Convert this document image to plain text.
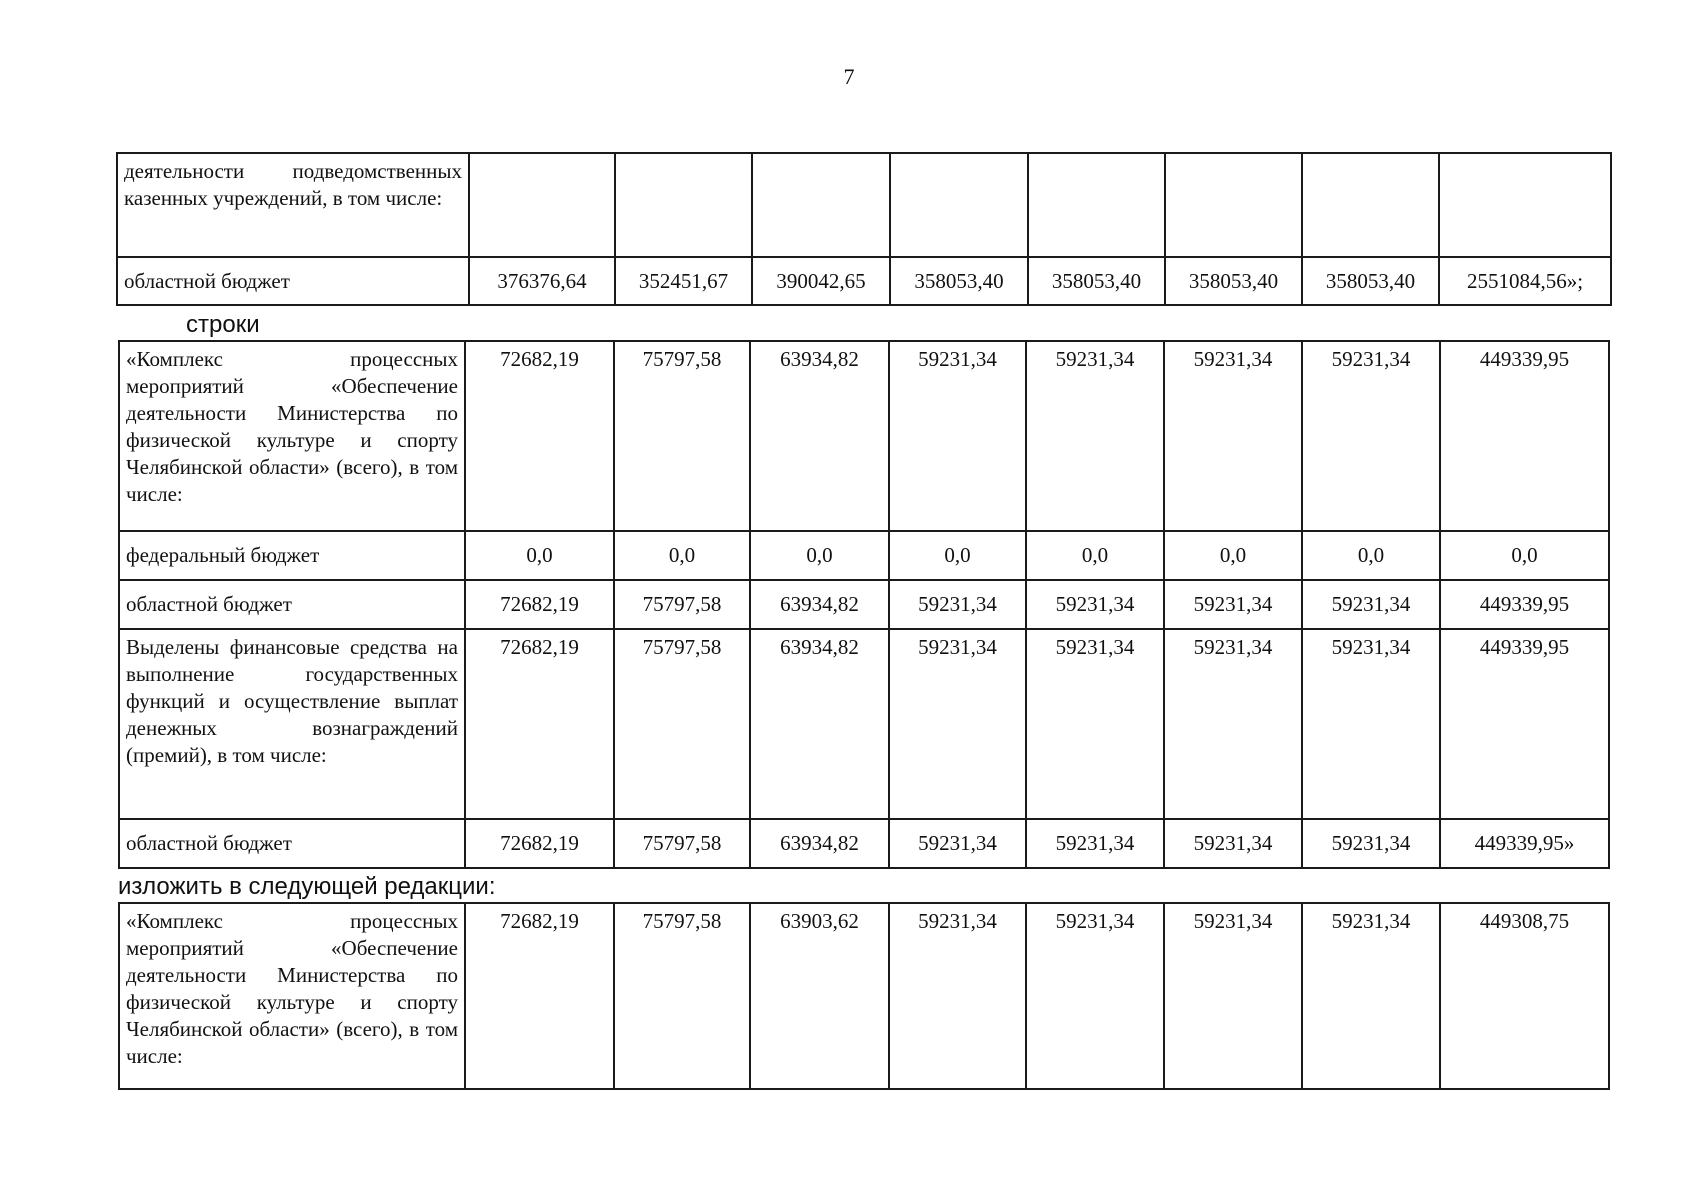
7
деятельности подведомственных казенных учреждений, в том числе:								
областной бюджет	376376,64	352451,67	390042,65	358053,40	358053,40	358053,40	358053,40	2551084,56»;
строки
«Комплекс процессных мероприятий «Обеспечение деятельности Министерства по физической культуре и спорту Челябинской области» (всего), в том числе:	72682,19	75797,58	63934,82	59231,34	59231,34	59231,34	59231,34	449339,95
федеральный бюджет	0,0	0,0	0,0	0,0	0,0	0,0	0,0	0,0
областной бюджет	72682,19	75797,58	63934,82	59231,34	59231,34	59231,34	59231,34	449339,95
Выделены финансовые средства на выполнение государственных функций и осуществление выплат денежных вознаграждений (премий), в том числе:	72682,19	75797,58	63934,82	59231,34	59231,34	59231,34	59231,34	449339,95
областной бюджет	72682,19	75797,58	63934,82	59231,34	59231,34	59231,34	59231,34	449339,95»
изложить в следующей редакции:
«Комплекс процессных мероприятий «Обеспечение деятельности Министерства по физической культуре и спорту Челябинской области» (всего), в том числе:	72682,19	75797,58	63903,62	59231,34	59231,34	59231,34	59231,34	449308,75
